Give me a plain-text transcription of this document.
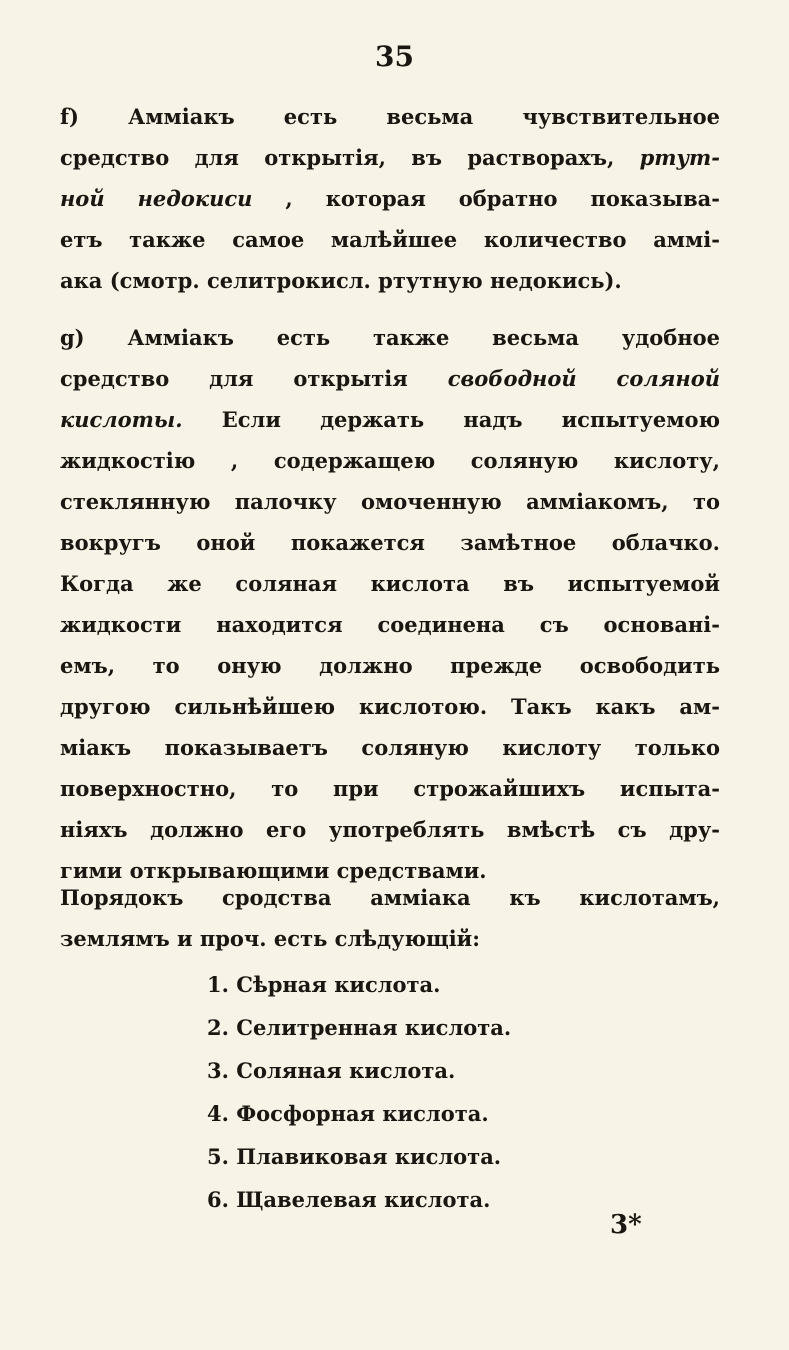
35
f) Аммiакъ есть весьма чувствительное
средство для открытiя, въ растворахъ, ртут-
ной недокиси , которая обратно показыва-
етъ также самое малѣйшее количество аммi-
ака (смотр. селитрокисл. ртутную недокись).
g) Аммiакъ есть также весьма удобное
средство для открытiя свободной соляной
кислоты. Если держать надъ испытуемою
жидкостiю , содержащею соляную кислоту,
стеклянную палочку омоченную аммiакомъ, то
вокругъ оной покажется замѣтное облачко.
Когда же соляная кислота въ испытуемой
жидкости находится соединена съ основанi-
емъ, то оную должно прежде освободить
другою сильнѣйшею кислотою. Такъ какъ ам-
мiакъ показываетъ соляную кислоту только
поверхностно, то при строжайшихъ испыта-
нiяхъ должно его употреблять вмѣстѣ съ дру-
гими открывающими средствами.
Порядокъ сродства аммiака къ кислотамъ,
землямъ и проч. есть слѣдующiй:
1. Сѣрная кислота.
2. Селитренная кислота.
3. Соляная кислота.
4. Фосфорная кислота.
5. Плавиковая кислота.
6. Щавелевая кислота.
3*
